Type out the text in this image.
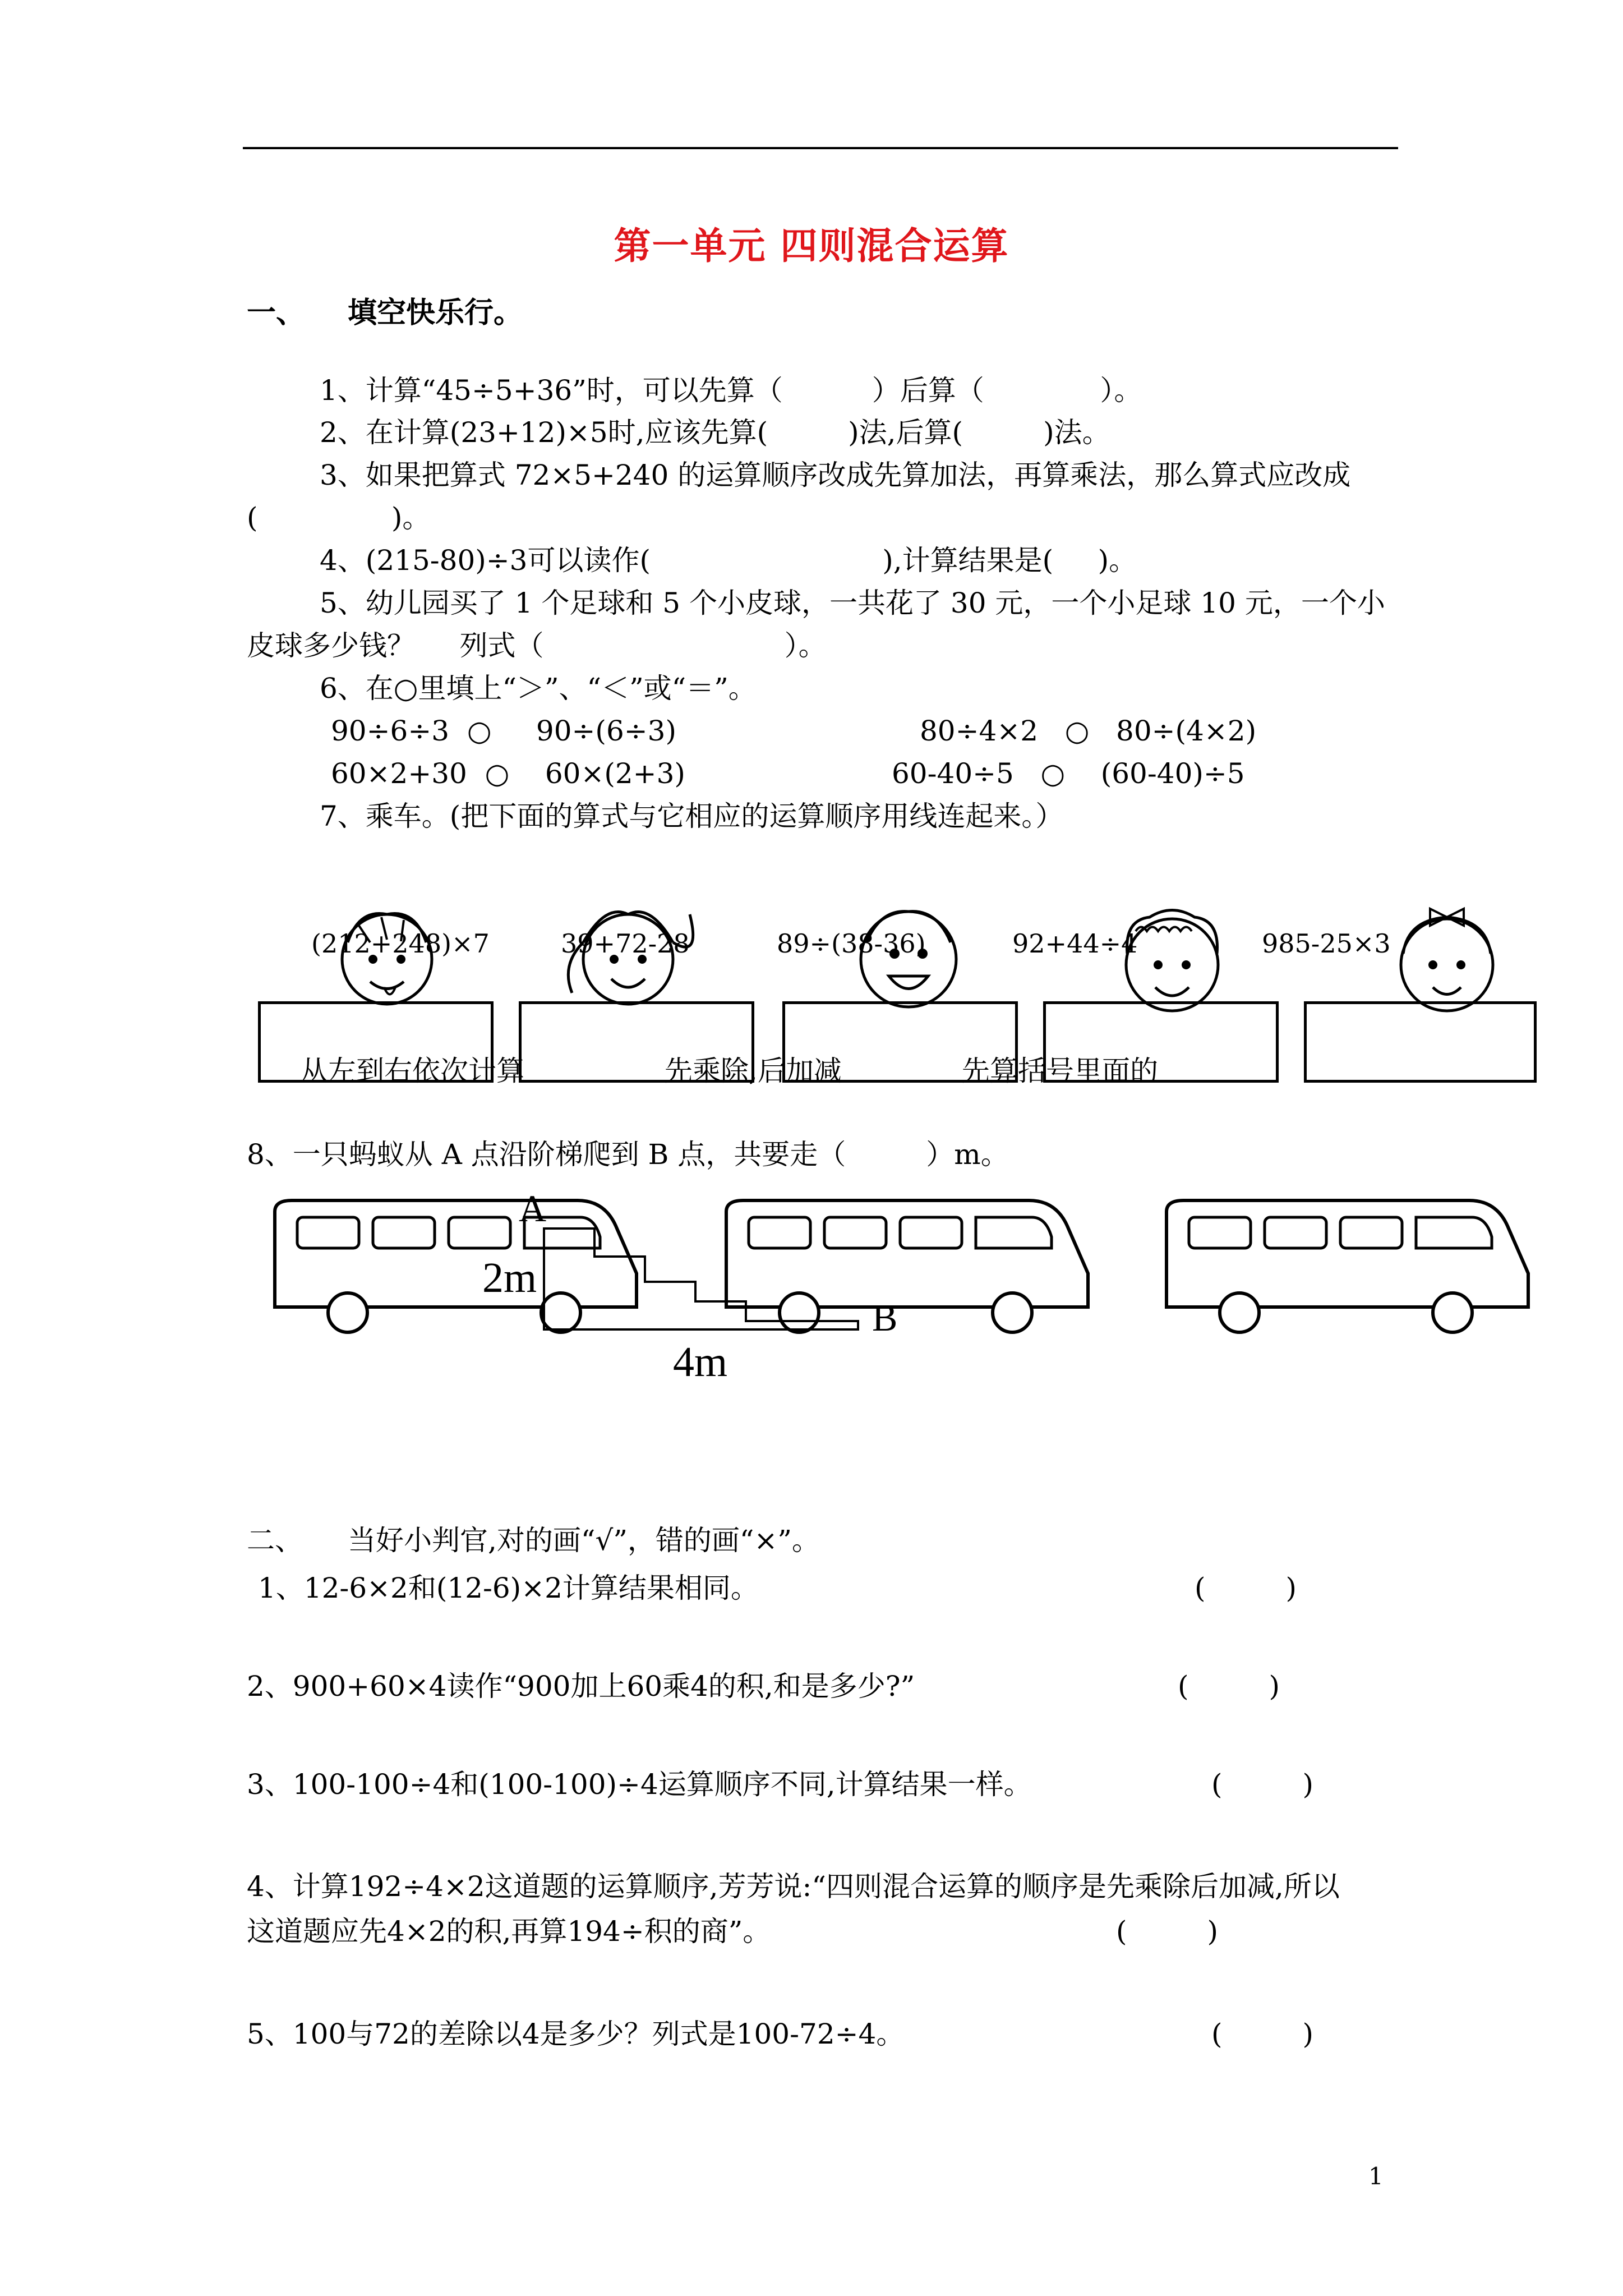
第一单元 四则混合运算
一、 填空快乐行。
1、计算“45÷5+36”时，可以先算（          ）后算（             ）。
2、在计算(23+12)×5时,应该先算(         )法,后算(         )法。
3、如果把算式 72×5+240 的运算顺序改成先算加法，再算乘法，那么算式应改成
(               )。
4、(215-80)÷3可以读作(                          ),计算结果是(     )。
5、幼儿园买了 1 个足球和 5 个小皮球，一共花了 30 元，一个小足球 10 元，一个小
皮球多少钱？     列式（                           ）。
6、在○里填上“＞”、“＜”或“＝”。
90÷6÷3  ○     90÷(6÷3)	80÷4×2   ○   80÷(4×2)
60×2+30  ○    60×(2+3)	60-40÷5   ○    (60-40)÷5
7、乘车。(把下面的算式与它相应的运算顺序用线连起来。）
(212+248)×7	39+72-28	89÷(38-36)	92+44÷4	985-25×3
从左到右依次计算	先乘除,后加减	先算括号里面的
8、一只蚂蚁从 A 点沿阶梯爬到 B 点，共要走（         ）m。
A
B
2m
4m
二、 当好小判官,对的画“√”，错的画“×”。
1、12-6×2和(12-6)×2计算结果相同。	(         )
2、900+60×4读作“900加上60乘4的积,和是多少?”	(         )
3、100-100÷4和(100-100)÷4运算顺序不同,计算结果一样。	(         )
4、计算192÷4×2这道题的运算顺序,芳芳说:“四则混合运算的顺序是先乘除后加减,所以
这道题应先4×2的积,再算194÷积的商”。	(         )
5、100与72的差除以4是多少？列式是100-72÷4。	(         )
1
